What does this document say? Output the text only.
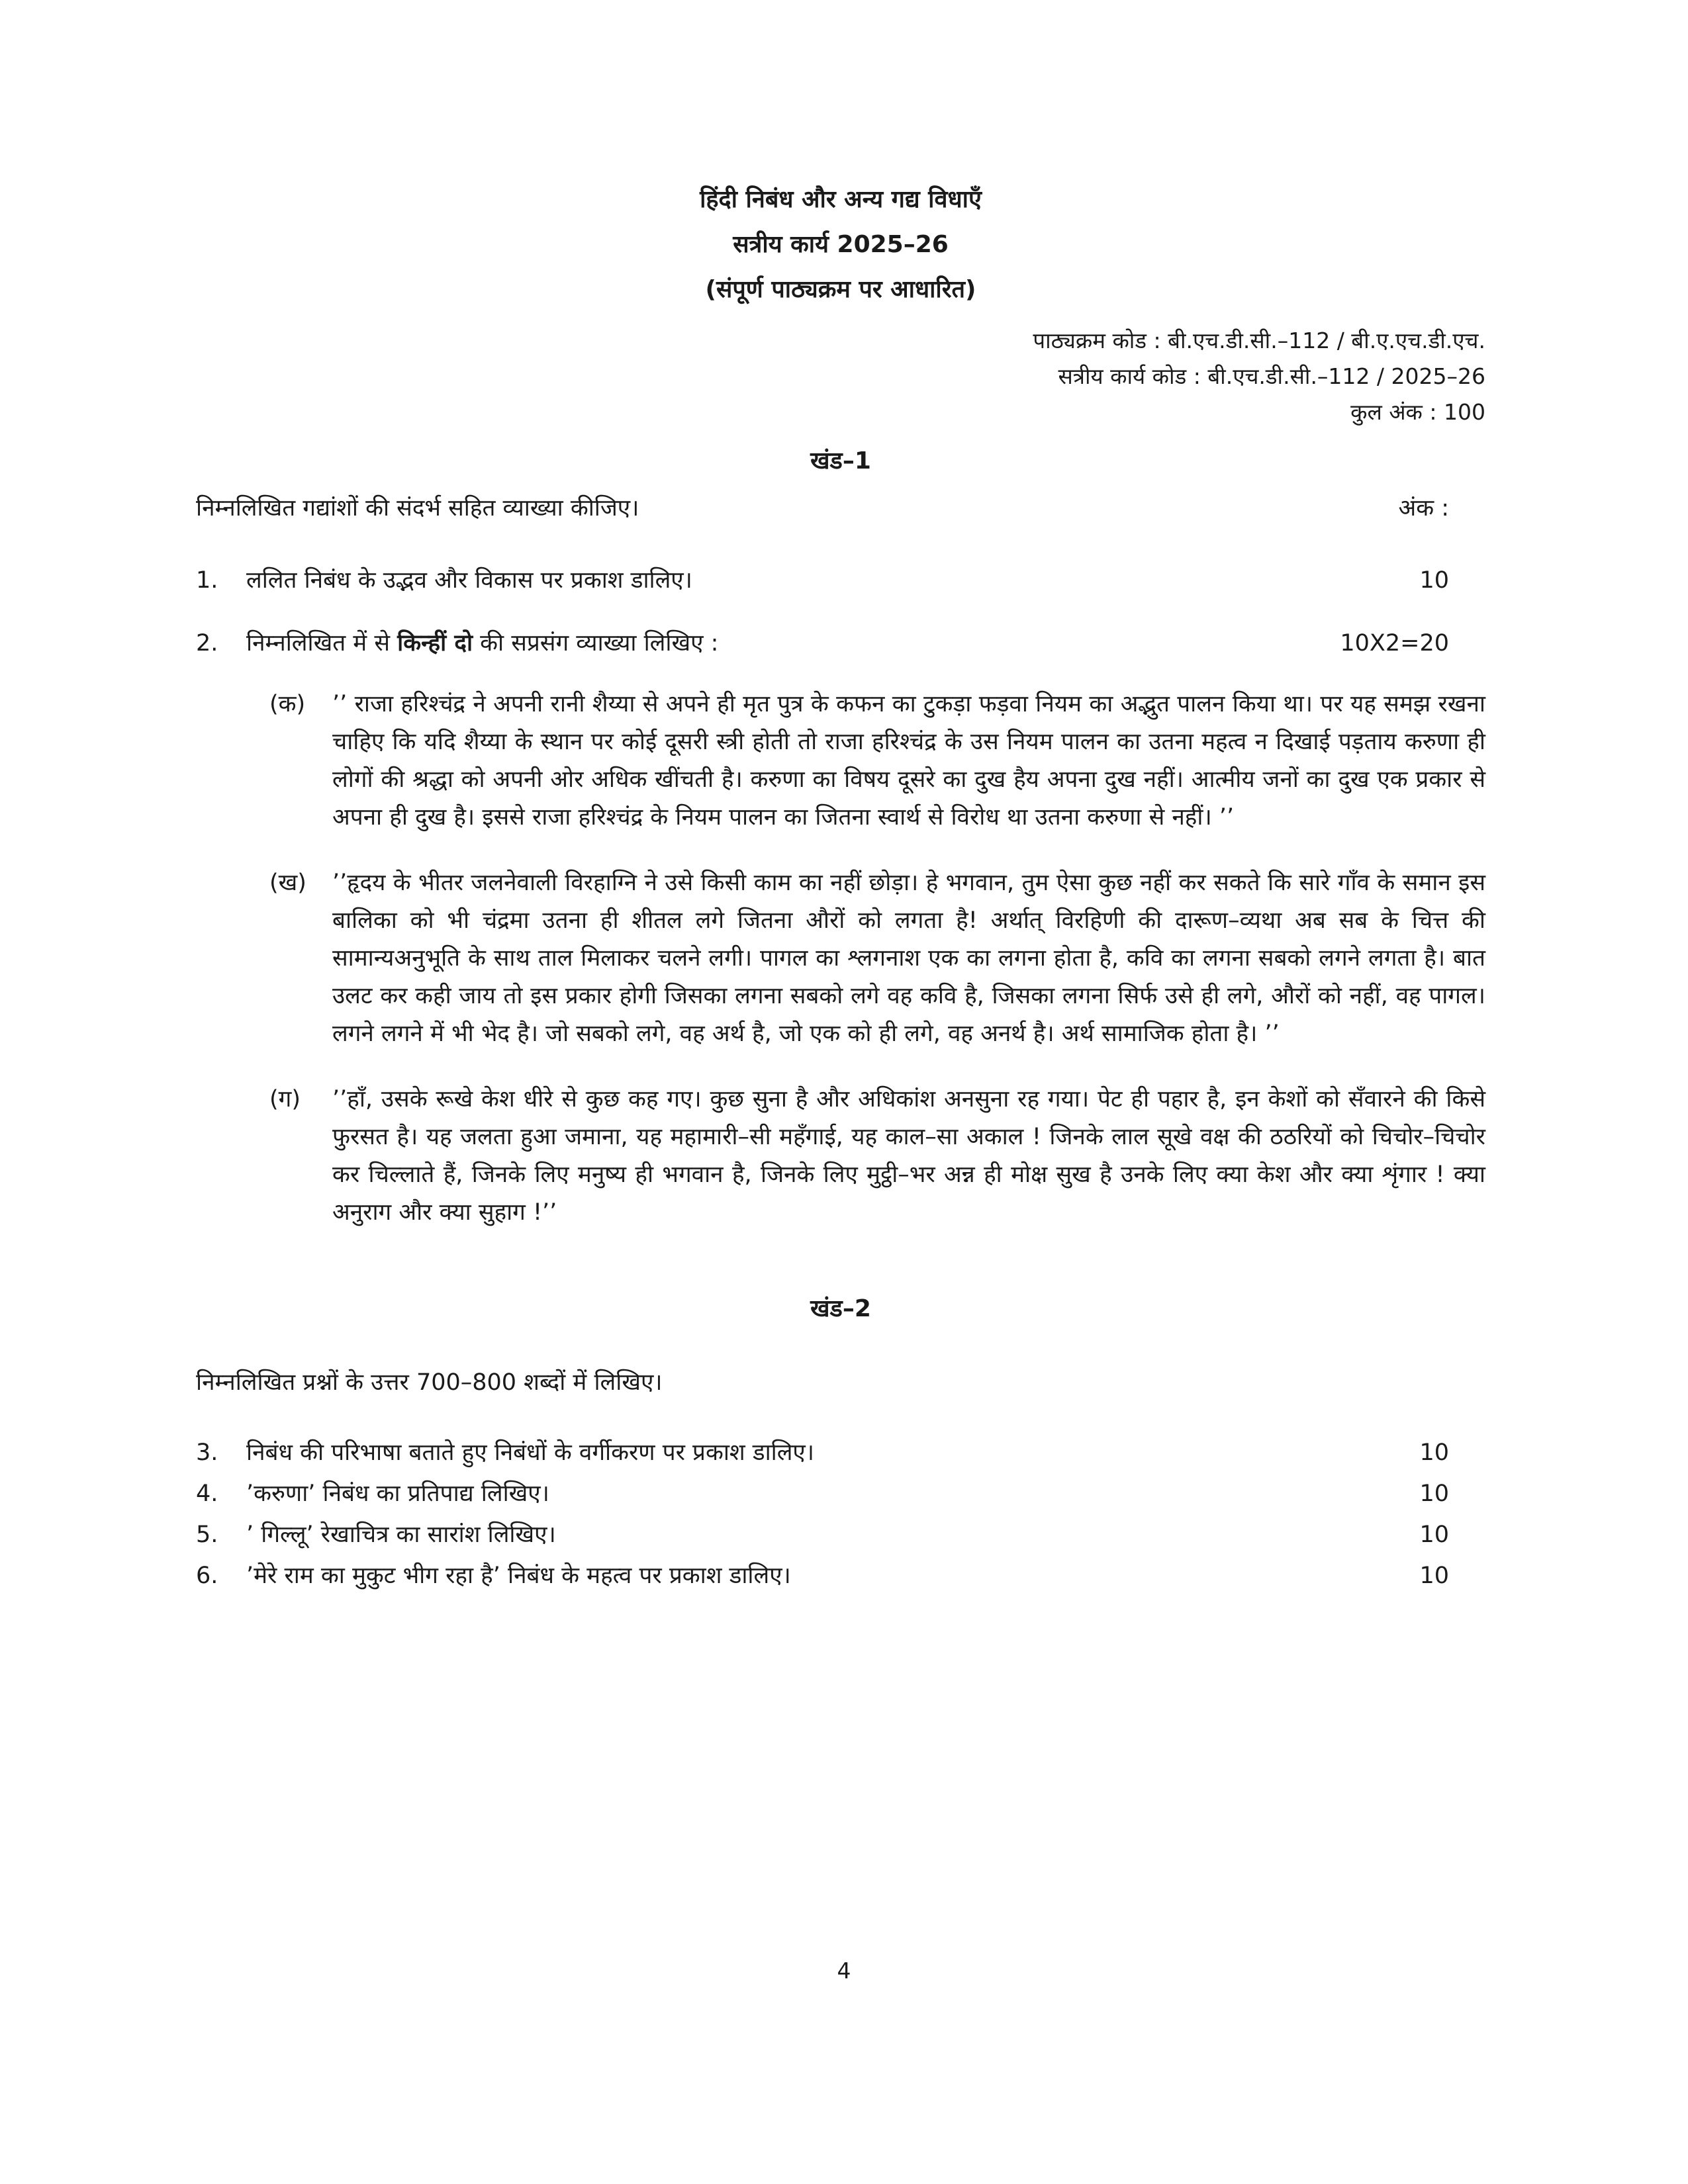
हिंदी निबंध और अन्य गद्य विधाएँ
सत्रीय कार्य 2025–26
(संपूर्ण पाठ्यक्रम पर आधारित)
पाठ्यक्रम कोड : बी.एच.डी.सी.–112 / बी.ए.एच.डी.एच.
सत्रीय कार्य कोड : बी.एच.डी.सी.–112 / 2025–26
कुल अंक : 100
खंड–1
निम्नलिखित गद्यांशों की संदर्भ सहित व्याख्या कीजिए।	अंक :
1.	ललित निबंध के उद्भव और विकास पर प्रकाश डालिए।	10
2.	निम्नलिखित में से किन्हीं दो की सप्रसंग व्याख्या लिखिए :	10X2=20
(क)	’’ राजा हरिश्चंद्र ने अपनी रानी शैय्या से अपने ही मृत पुत्र के कफन का टुकड़ा फड़वा नियम का अद्भुत पालन किया था। पर यह समझ रखना चाहिए कि यदि शैय्या के स्थान पर कोई दूसरी स्त्री होती तो राजा हरिश्चंद्र के उस नियम पालन का उतना महत्व न दिखाई पड़ताय करुणा ही लोगों की श्रद्धा को अपनी ओर अधिक खींचती है। करुणा का विषय दूसरे का दुख हैय अपना दुख नहीं। आत्मीय जनों का दुख एक प्रकार से अपना ही दुख है। इससे राजा हरिश्चंद्र के नियम पालन का जितना स्वार्थ से विरोध था उतना करुणा से नहीं। ’’
(ख)	’’हृदय के भीतर जलनेवाली विरहाग्नि ने उसे किसी काम का नहीं छोड़ा। हे भगवान, तुम ऐसा कुछ नहीं कर सकते कि सारे गाँव के समान इस बालिका को भी चंद्रमा उतना ही शीतल लगे जितना औरों को लगता है! अर्थात् विरहिणी की दारूण–व्यथा अब सब के चित्त की सामान्यअनुभूति के साथ ताल मिलाकर चलने लगी। पागल का श्लगनाश एक का लगना होता है, कवि का लगना सबको लगने लगता है। बात उलट कर कही जाय तो इस प्रकार होगी जिसका लगना सबको लगे वह कवि है, जिसका लगना सिर्फ उसे ही लगे, औरों को नहीं, वह पागल। लगने लगने में भी भेद है। जो सबको लगे, वह अर्थ है, जो एक को ही लगे, वह अनर्थ है। अर्थ सामाजिक होता है। ’’
(ग)	’’हाँ, उसके रूखे केश धीरे से कुछ कह गए। कुछ सुना है और अधिकांश अनसुना रह गया। पेट ही पहार है, इन केशों को सँवारने की किसे फुरसत है। यह जलता हुआ जमाना, यह महामारी–सी महँगाई, यह काल–सा अकाल ! जिनके लाल सूखे वक्ष की ठठरियों को चिचोर–चिचोर कर चिल्लाते हैं, जिनके लिए मनुष्य ही भगवान है, जिनके लिए मुट्ठी–भर अन्न ही मोक्ष सुख है उनके लिए क्या केश और क्या शृंगार ! क्या अनुराग और क्या सुहाग !’’
खंड–2
निम्नलिखित प्रश्नों के उत्तर 700–800 शब्दों में लिखिए।
3.	निबंध की परिभाषा बताते हुए निबंधों के वर्गीकरण पर प्रकाश डालिए।	10
4.	’करुणा’ निबंध का प्रतिपाद्य लिखिए।	10
5.	’ गिल्लू’ रेखाचित्र का सारांश लिखिए।	10
6.	’मेरे राम का मुकुट भीग रहा है’ निबंध के महत्व पर प्रकाश डालिए।	10
4
